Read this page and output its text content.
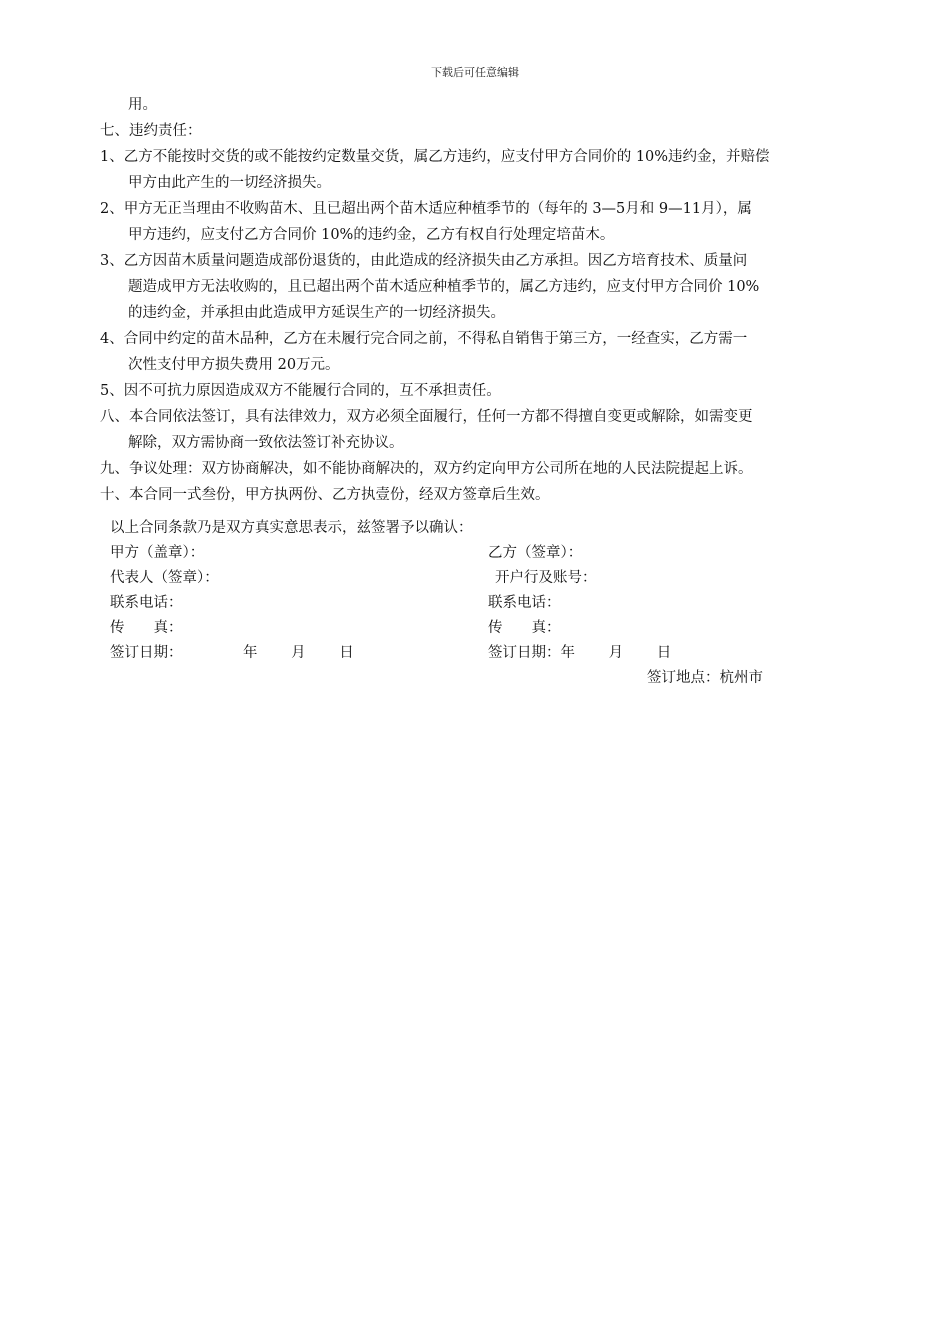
下载后可任意编辑
用。
七、违约责任：
1、乙方不能按时交货的或不能按约定数量交货，属乙方违约，应支付甲方合同价的 10%违约金，并赔偿
甲方由此产生的一切经济损失。
2、甲方无正当理由不收购苗木、且已超出两个苗木适应种植季节的（每年的 3—5月和 9—11月），属
甲方违约，应支付乙方合同价 10%的违约金，乙方有权自行处理定培苗木。
3、乙方因苗木质量问题造成部份退货的，由此造成的经济损失由乙方承担。因乙方培育技术、质量问
题造成甲方无法收购的，且已超出两个苗木适应种植季节的，属乙方违约，应支付甲方合同价 10%
的违约金，并承担由此造成甲方延误生产的一切经济损失。
4、合同中约定的苗木品种，乙方在未履行完合同之前，不得私自销售于第三方，一经查实，乙方需一
次性支付甲方损失费用 20万元。
5、因不可抗力原因造成双方不能履行合同的，互不承担责任。
八、本合同依法签订，具有法律效力，双方必须全面履行，任何一方都不得擅自变更或解除，如需变更
解除，双方需协商一致依法签订补充协议。
九、争议处理：双方协商解决，如不能协商解决的，双方约定向甲方公司所在地的人民法院提起上诉。
十、本合同一式叁份，甲方执两份、乙方执壹份，经双方签章后生效。
以上合同条款乃是双方真实意思表示，兹签署予以确认：
甲方（盖章）：	乙方（签章）：
代表人（签章）：	开户行及账号：
联系电话：	联系电话：
传　　真：	传　　真：
签订日期：	年　　 月　　 日	签订日期：年　　 月　　 日
签订地点：杭州市
